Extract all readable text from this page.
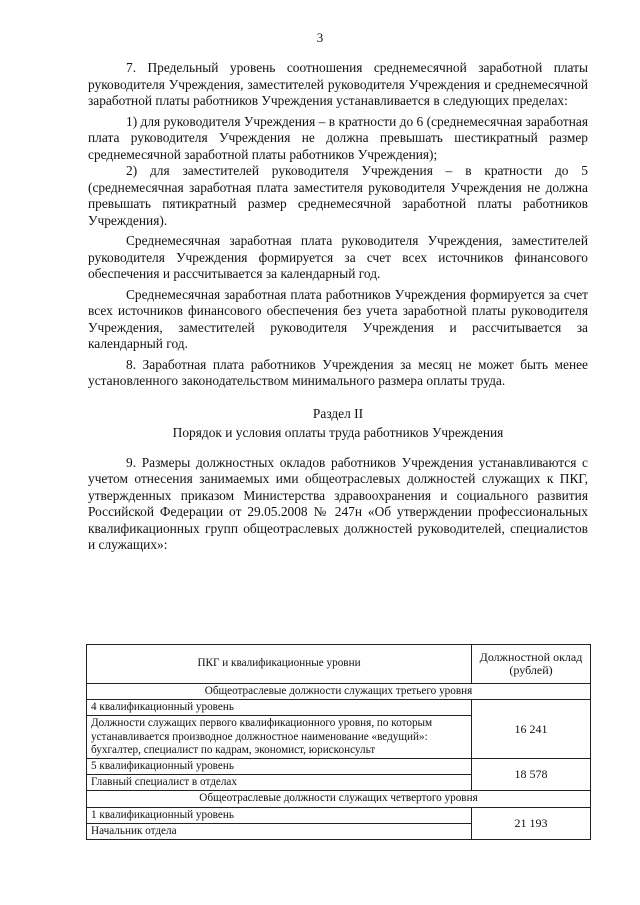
3

7. Предельный уровень соотношения среднемесячной заработной платы руководителя Учреждения, заместителей руководителя Учреждения и среднемесячной заработной платы работников Учреждения устанавливается в следующих пределах:

1) для руководителя Учреждения – в кратности до 6 (среднемесячная заработная плата руководителя Учреждения не должна превышать шестикратный размер среднемесячной заработной платы работников Учреждения);

2) для заместителей руководителя Учреждения – в кратности до 5 (среднемесячная заработная плата заместителя руководителя Учреждения не должна превышать пятикратный размер среднемесячной заработной платы работников Учреждения).

Среднемесячная заработная плата руководителя Учреждения, заместителей руководителя Учреждения формируется за счет всех источников финансового обеспечения и рассчитывается за календарный год.

Среднемесячная заработная плата работников Учреждения формируется за счет всех источников финансового обеспечения без учета заработной платы руководителя Учреждения, заместителей руководителя Учреждения и рассчитывается за календарный год.

8. Заработная плата работников Учреждения за месяц не может быть менее установленного законодательством минимального размера оплаты труда.

Раздел II

Порядок и условия оплаты труда работников Учреждения

9. Размеры должностных окладов работников Учреждения устанавливаются с учетом отнесения занимаемых ими общеотраслевых должностей служащих к ПКГ, утвержденных приказом Министерства здравоохранения и социального развития Российской Федерации от 29.05.2008 № 247н «Об утверждении профессиональных квалификационных групп общеотраслевых должностей руководителей, специалистов и служащих»:

ПКГ и квалификационные уровни	Должностной оклад (рублей)
Общеотраслевые должности служащих третьего уровня	
4 квалификационный уровень	16 241
Должности служащих первого квалификационного уровня, по которым устанавливается производное должностное наименование «ведущий»: бухгалтер, специалист по кадрам, экономист, юрисконсульт	
5 квалификационный уровень	18 578
Главный специалист в отделах	
Общеотраслевые должности служащих четвертого уровня	
1 квалификационный уровень	21 193
Начальник отдела	
